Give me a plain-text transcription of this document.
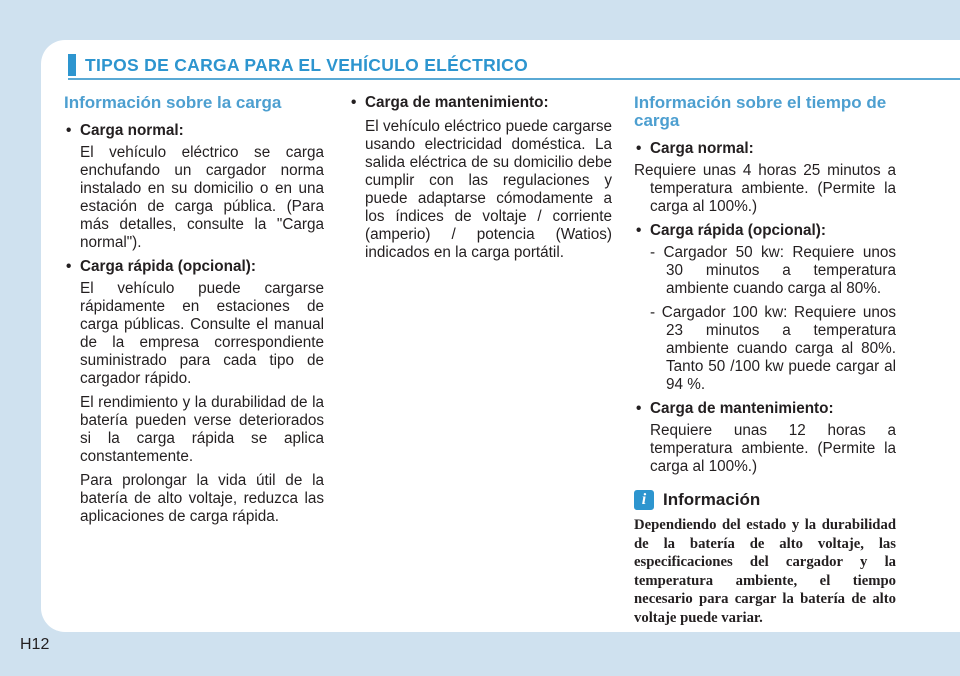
TIPOS DE CARGA PARA EL VEHÍCULO ELÉCTRICO
Información sobre la carga
• Carga normal:

El vehículo eléctrico se carga enchufando un cargador norma instalado en su domicilio o en una estación de carga pública. (Para más detalles, consulte la "Carga normal").

• Carga rápida (opcional):

El vehículo puede cargarse rápidamente en estaciones de carga públicas. Consulte el manual de la empresa correspondiente suministrado para cada tipo de cargador rápido.

El rendimiento y la durabilidad de la batería pueden verse deteriorados si la carga rápida se aplica constantemente.

Para prolongar la vida útil de la batería de alto voltaje, reduzca las aplicaciones de carga rápida.

• Carga de mantenimiento:

El vehículo eléctrico puede cargarse usando electricidad doméstica. La salida eléctrica de su domicilio debe cumplir con las regulaciones y puede adaptarse cómodamente a los índices de voltaje / corriente (amperio) / potencia (Watios) indicados en la carga portátil.

Información sobre el tiempo de carga
• Carga normal:

Requiere unas 4 horas 25 minutos a temperatura ambiente. (Permite la carga al 100%.)

• Carga rápida (opcional):

- Cargador 50 kw: Requiere unos 30 minutos a temperatura ambiente cuando carga al 80%.

- Cargador 100 kw: Requiere unos 23 minutos a temperatura ambiente cuando carga al 80%. Tanto 50 /100 kw puede cargar al 94 %.

• Carga de mantenimiento:

Requiere unas 12 horas a temperatura ambiente. (Permite la carga al 100%.)

i Información

Dependiendo del estado y la durabilidad de la batería de alto voltaje, las especificaciones del cargador y la temperatura ambiente, el tiempo necesario para cargar la batería de alto voltaje puede variar.

H12
